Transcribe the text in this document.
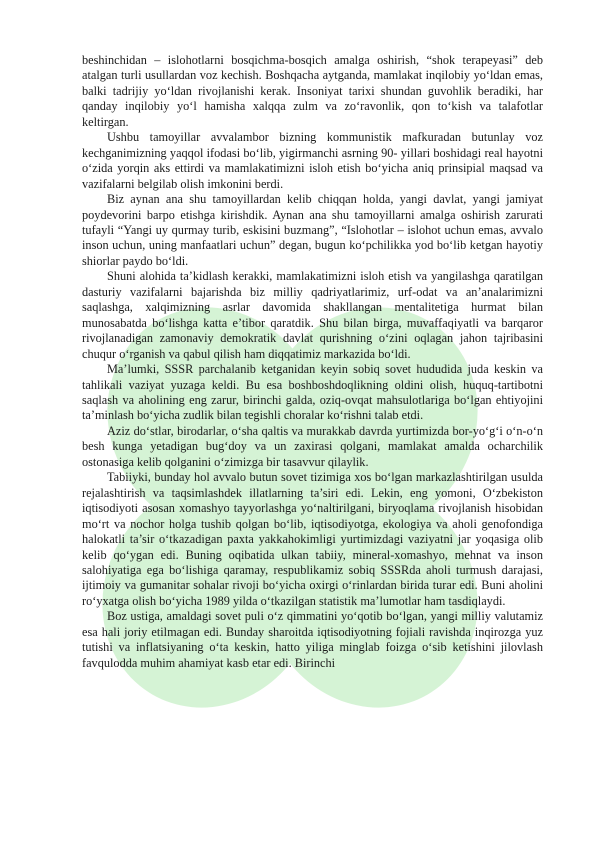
beshinchidan – islohotlarni bosqichma-bosqich amalga oshirish, “shok terapeyasi” deb atalgan turli usullardan voz kechish. Boshqacha aytganda, mamlakat inqilobiy yo‘ldan emas, balki tadrijiy yo‘ldan rivojlanishi kerak. Insoniyat tarixi shundan guvohlik beradiki, har qanday inqilobiy yo‘l hamisha xalqqa zulm va zo‘ravonlik, qon to‘kish va talafotlar keltirgan.

Ushbu tamoyillar avvalambor bizning kommunistik mafkuradan butunlay voz kechganimizning yaqqol ifodasi bo‘lib, yigirmanchi asrning 90- yillari boshidagi real hayotni o‘zida yorqin aks ettirdi va mamlakatimizni isloh etish bo‘yicha aniq prinsipial maqsad va vazifalarni belgilab olish imkonini berdi.

Biz aynan ana shu tamoyillardan kelib chiqqan holda, yangi davlat, yangi jamiyat poydevorini barpo etishga kirishdik. Aynan ana shu tamoyillarni amalga oshirish zarurati tufayli “Yangi uy qurmay turib, eskisini buzmang”, “Islohotlar – islohot uchun emas, avvalo inson uchun, uning manfaatlari uchun” degan, bugun ko‘pchilikka yod bo‘lib ketgan hayotiy shiorlar paydo bo‘ldi.

Shuni alohida ta’kidlash kerakki, mamlakatimizni isloh etish va yangilashga qaratilgan dasturiy vazifalarni bajarishda biz milliy qadriyatlarimiz, urf-odat va an’analarimizni saqlashga, xalqimizning asrlar davomida shakllangan mentalitetiga hurmat bilan munosabatda bo‘lishga katta e’tibor qaratdik. Shu bilan birga, muvaffaqiyatli va barqaror rivojlanadigan zamonaviy demokratik davlat qurishning o‘zini oqlagan jahon tajribasini chuqur o‘rganish va qabul qilish ham diqqatimiz markazida bo‘ldi.

Ma’lumki, SSSR parchalanib ketganidan keyin sobiq sovet hududida juda keskin va tahlikali vaziyat yuzaga keldi. Bu esa boshboshdoqlikning oldini olish, huquq-tartibotni saqlash va aholining eng zarur, birinchi galda, oziq-ovqat mahsulotlariga bo‘lgan ehtiyojini ta’minlash bo‘yicha zudlik bilan tegishli choralar ko‘rishni talab etdi.

Aziz do‘stlar, birodarlar, o‘sha qaltis va murakkab davrda yurtimizda bor-yo‘g‘i o‘n-o‘n besh kunga yetadigan bug‘doy va un zaxirasi qolgani, mamlakat amalda ocharchilik ostonasiga kelib qolganini o‘zimizga bir tasavvur qilaylik.

Tabiiyki, bunday hol avvalo butun sovet tizimiga xos bo‘lgan markazlashtirilgan usulda rejalashtirish va taqsimlashdek illatlarning ta’siri edi. Lekin, eng yomoni, O‘zbekiston iqtisodiyoti asosan xomashyo tayyorlashga yo‘naltirilgani, biryoqlama rivojlanish hisobidan mo‘rt va nochor holga tushib qolgan bo‘lib, iqtisodiyotga, ekologiya va aholi genofondiga halokatli ta’sir o‘tkazadigan paxta yakkahokimligi yurtimizdagi vaziyatni jar yoqasiga olib kelib qo‘ygan edi. Buning oqibatida ulkan tabiiy, mineral-xomashyo, mehnat va inson salohiyatiga ega bo‘lishiga qaramay, respublikamiz sobiq SSSRda aholi turmush darajasi, ijtimoiy va gumanitar sohalar rivoji bo‘yicha oxirgi o‘rinlardan birida turar edi. Buni aholini ro‘yxatga olish bo‘yicha 1989 yilda o‘tkazilgan statistik ma’lumotlar ham tasdiqlaydi.

Boz ustiga, amaldagi sovet puli o‘z qimmatini yo‘qotib bo‘lgan, yangi milliy valutamiz esa hali joriy etilmagan edi. Bunday sharoitda iqtisodiyotning fojiali ravishda inqirozga yuz tutishi va inflatsiyaning o‘ta keskin, hatto yiliga minglab foizga o‘sib ketishini jilovlash favqulodda muhim ahamiyat kasb etar edi. Birinchi
